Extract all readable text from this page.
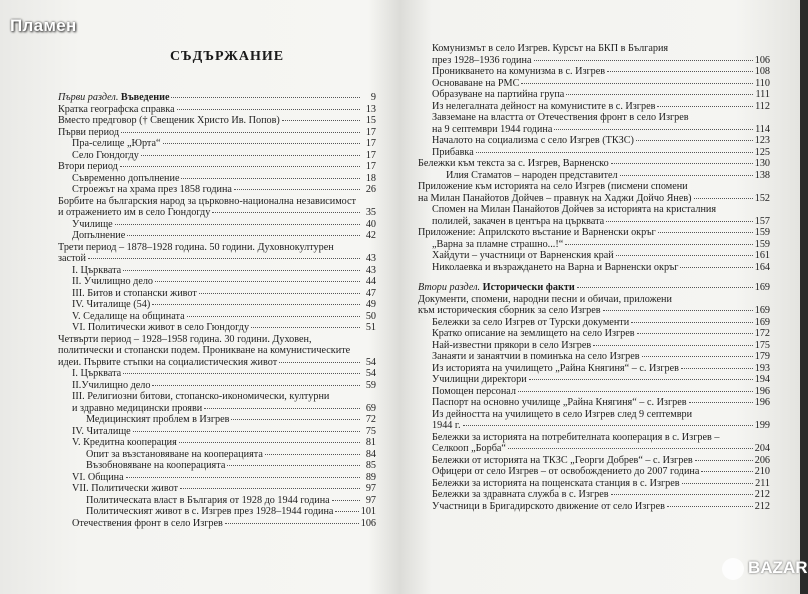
Пламен
СЪДЪРЖАНИЕ
Първи раздел. Въведение	9
Кратка географска справка	13
Вместо предговор († Свещеник Христо Ив. Попов)	15
Първи период	17
Пра-селище „Юрта“	17
Село Гюндогду	17
Втори период	17
Съвременно допълнение	18
Строежът на храма през 1858 година	26
Борбите на българския народ за църковно-национална независимост
и отражението им в село Гюндогду	35
Училище	40
Допълнение	42
Трети период – 1878–1928 година. 50 години. Духовнокултурен
застой	43
I. Църквата	43
II. Училищно дело	44
III. Битов и стопански живот	47
IV. Читалище (54)	49
V. Седалище на общината	50
VI. Политически живот в село Гюндогду	51
Четвърти период – 1928–1958 година. 30 години. Духовен,
политически и стопански подем. Проникване на комунистическите
идеи. Първите стъпки на социалистическия живот	54
I. Църквата	54
II.Училищно дело	59
III. Религиозни битови, стопанско-икономически, културни
и здравно медицински прояви	69
Медицинският проблем в Изгрев	72
IV. Читалище	75
V. Кредитна кооперация	81
Опит за възстановяване на кооперацията	84
Възобновяване на кооперацията	85
VI. Община	89
VII. Политически живот	97
Политическата власт в България от 1928 до 1944 година	97
Политическият живот в с. Изгрев през 1928–1944 година	101
Отечествения фронт в село Изгрев	106
Комунизмът в село Изгрев. Курсът на БКП в България
през 1928–1936 година	106
Проникването на комунизма в с. Изгрев	108
Основаване на РМС	110
Образуване на партийна група	111
Из нелегалната дейност на комунистите в с. Изгрев	112
Завземане на властта от Отечествения фронт в село Изгрев
на 9 септември 1944 година	114
Началото на социализма с село Изгрев (ТКЗС)	123
Прибавка	125
Бележки към текста за с. Изгрев, Варненско	130
Илия Стаматов – народен представител	138
Приложение към историята на село Изгрев (писмени спомени
на Милан Панайотов Дойчев – правнук на Хаджи Дойчо Янев)	152
Спомен на Милан Панайотов Дойчев за историята на кристалния
полилей, закачен в центъра на църквата	157
Приложение: Априлското въстание и Варненски окръг	159
„Варна за пламне страшно...!“	159
Хайдути – участници от Варненския край	161
Николаевка и възраждането на Варна и Варненски окръг	164
Втори раздел. Исторически факти	169
Документи, спомени, народни песни и обичаи, приложени
към историческия сборник за село Изгрев	169
Бележки за село Изгрев от Турски документи	169
Кратко описание на землището на село Изгрев	172
Най-известни прякори в село Изгрев	175
Занаяти и занаятчии в поминъка на село Изгрев	179
Из историята на училището „Райна Княгиня“ – с. Изгрев	193
Училищни директори	194
Помощен персонал	196
Паспорт на основно училище „Райна Княгиня“ – с. Изгрев	196
Из дейността на училището в село Изгрев след 9 септември
1944 г.	199
Бележки за историята на потребителната кооперация в с. Изгрев –
Селкооп „Борба“	204
Бележки от историята на ТКЗС „Георги Добрев“ – с. Изгрев	206
Офицери от село Изгрев – от освобождението до 2007 година	210
Бележки за историята на пощенската станция в с. Изгрев	211
Бележки за здравната служба в с. Изгрев	212
Участници в Бригадирското движение от село Изгрев	212
BAZAR
